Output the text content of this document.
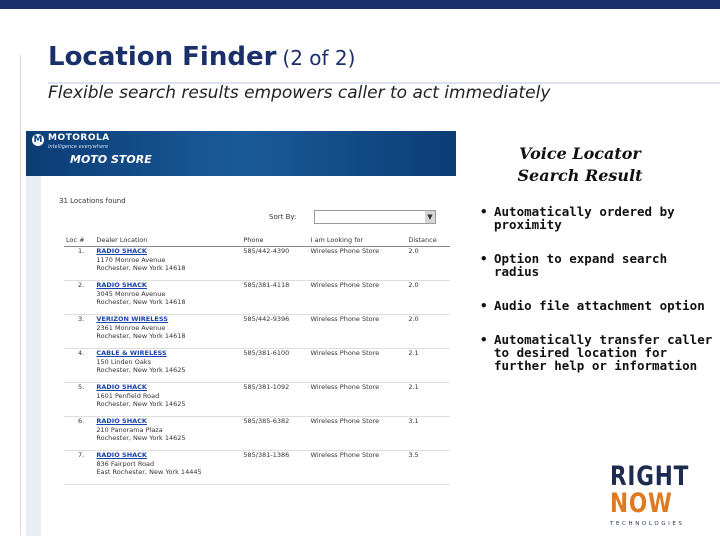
Location Finder (2 of 2)
Flexible search results empowers caller to act immediately
M MOTOROLA
intelligence everywhere
MOTO STORE
31 Locations found
Sort By:	▼
Loc #	Dealer Location	Phone	I am Looking for	Distance
1.	RADIO SHACK
1170 Monroe Avenue
Rochester, New York 14618	585/442-4390	Wireless Phone Store	2.0
2.	RADIO SHACK
3045 Monroe Avenue
Rochester, New York 14618	585/381-4118	Wireless Phone Store	2.0
3.	VERIZON WIRELESS
2361 Monroe Avenue
Rochester, New York 14618	585/442-9396	Wireless Phone Store	2.0
4.	CABLE & WIRELESS
150 Linden Oaks
Rochester, New York 14625	585/381-6100	Wireless Phone Store	2.1
5.	RADIO SHACK
1601 Penfield Road
Rochester, New York 14625	585/381-1092	Wireless Phone Store	2.1
6.	RADIO SHACK
210 Panorama Plaza
Rochester, New York 14625	585/385-6382	Wireless Phone Store	3.1
7.	RADIO SHACK
836 Fairport Road
East Rochester, New York 14445	585/381-1386	Wireless Phone Store	3.5
Voice Locator
Search Result
• Automatically ordered by proximity
• Option to expand search radius
• Audio file attachment option
• Automatically transfer caller to desired location for further help or information
RIGHT
NOW
TECHNOLOGIES
